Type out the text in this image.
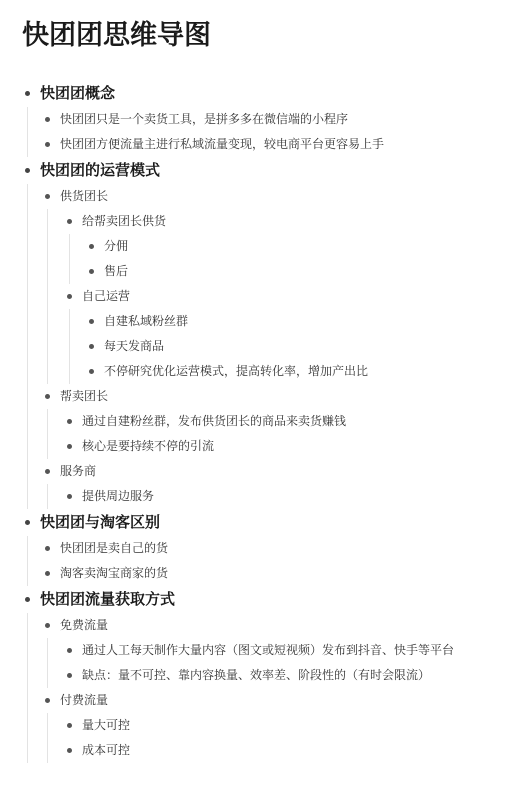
快团团思维导图
快团团概念
快团团只是一个卖货工具，是拼多多在微信端的小程序
快团团方便流量主进行私域流量变现，较电商平台更容易上手
快团团的运营模式
供货团长
给帮卖团长供货
分佣
售后
自己运营
自建私域粉丝群
每天发商品
不停研究优化运营模式，提高转化率，增加产出比
帮卖团长
通过自建粉丝群，发布供货团长的商品来卖货赚钱
核心是要持续不停的引流
服务商
提供周边服务
快团团与淘客区别
快团团是卖自己的货
淘客卖淘宝商家的货
快团团流量获取方式
免费流量
通过人工每天制作大量内容（图文或短视频）发布到抖音、快手等平台
缺点：量不可控、靠内容换量、效率差、阶段性的（有时会限流）
付费流量
量大可控
成本可控
